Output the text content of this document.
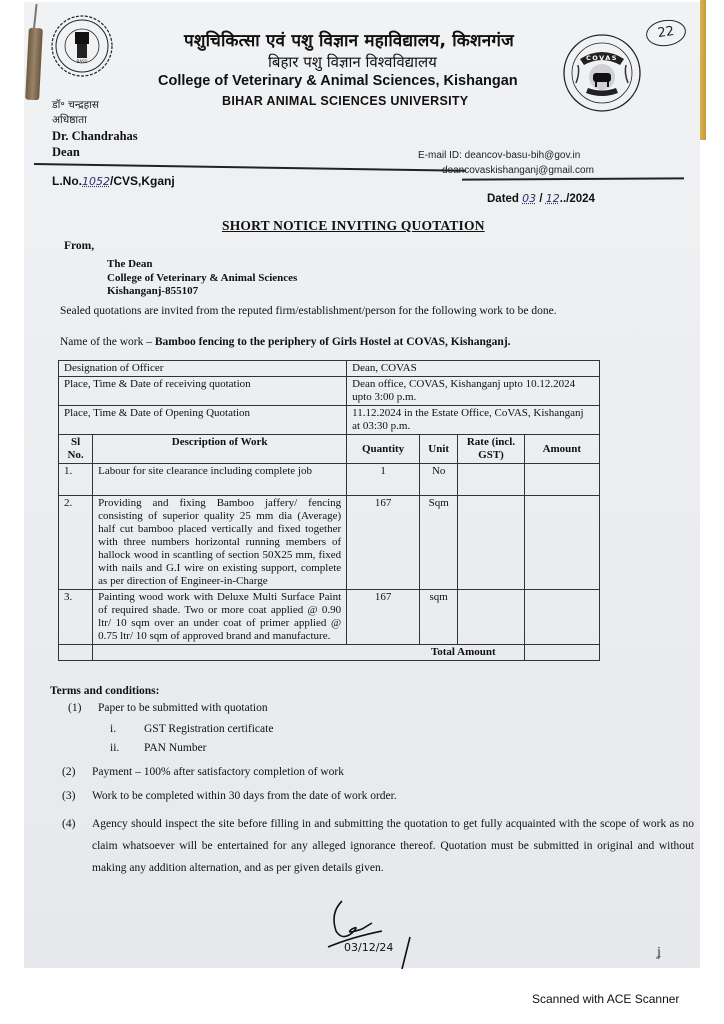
BASU
22
COVAS
पशुचिकित्सा एवं पशु विज्ञान महाविद्यालय, किशनगंज
बिहार पशु विज्ञान विश्वविद्यालय
College of Veterinary & Animal Sciences, Kishangan
BIHAR ANIMAL SCIENCES UNIVERSITY
डॉ॰ चन्द्रहास
अधिष्ठाता
Dr. Chandrahas
Dean	E-mail ID: deancov-basu-bih@gov.in
deancovaskishanganj@gmail.com
L.No.1052/CVS,Kganj
Dated 03 / 12../2024
SHORT NOTICE INVITING QUOTATION
From,
The Dean
College of Veterinary & Animal Sciences
Kishanganj-855107
Sealed quotations are invited from the reputed firm/establishment/person for the following work to be done.
Name of the work – Bamboo fencing to the periphery of Girls Hostel at COVAS, Kishanganj.
Designation of Officer		Dean, COVAS			
Place, Time & Date of receiving quotation		Dean office, COVAS, Kishanganj upto 10.12.2024 upto 3:00 p.m.			
Place, Time & Date of Opening Quotation		11.12.2024 in the Estate Office, CoVAS, Kishanganj at 03:30 p.m.			
Sl No.	Description of Work	Quantity	Unit	Rate (incl. GST)	Amount
1.	Labour for site clearance including complete job	1	No		
2.	Providing and fixing Bamboo jaffery/ fencing consisting of superior quality 25 mm dia (Average) half cut bamboo placed vertically and fixed together with three numbers horizontal running members of hallock wood in scantling of section 50X25 mm, fixed with nails and G.I wire on existing support, complete as per direction of Engineer-in-Charge	167	Sqm		
3.	Painting wood work with Deluxe Multi Surface Paint of required shade. Two or more coat applied @ 0.90 ltr/ 10 sqm over an under coat of primer applied @ 0.75 ltr/ 10 sqm of approved brand and manufacture.	167	sqm		
	Total Amount				
Terms and conditions:
(1) Paper to be submitted with quotation
i. GST Registration certificate
ii. PAN Number
(2) Payment – 100% after satisfactory completion of work
(3) Work to be completed within 30 days from the date of work order.
(4) Agency should inspect the site before filling in and submitting the quotation to get fully acquainted with the scope of work as no claim whatsoever will be entertained for any alleged ignorance thereof. Quotation must be submitted in original and without making any addition alternation, and as per given details given.
03/12/24	ʝ
Scanned with ACE Scanner
